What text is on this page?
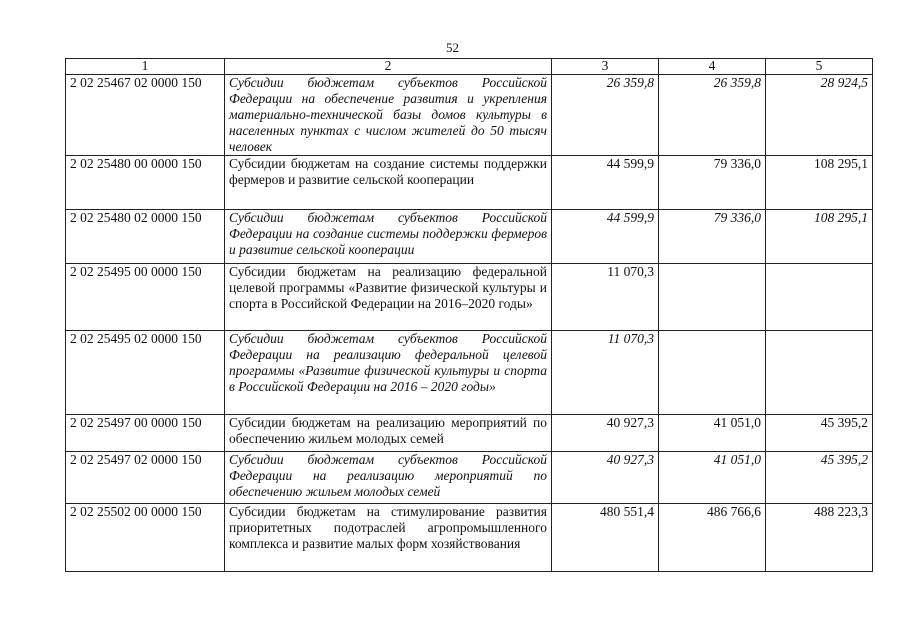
52
1	2	3	4	5
2 02 25467 02 0000 150	Субсидии бюджетам субъектов Российской Федерации на обеспечение развития и укрепления материально-технической базы домов культуры в населенных пунктах с числом жителей до 50 тысяч человек	26 359,8	26 359,8	28 924,5
2 02 25480 00 0000 150	Субсидии бюджетам на создание системы поддержки фермеров и развитие сельской кооперации	44 599,9	79 336,0	108 295,1
2 02 25480 02 0000 150	Субсидии бюджетам субъектов Российской Федерации на создание системы поддержки фермеров и развитие сельской кооперации	44 599,9	79 336,0	108 295,1
2 02 25495 00 0000 150	Субсидии бюджетам на реализацию федеральной целевой программы «Развитие физической культуры и спорта в Российской Федерации на 2016–2020 годы»	11 070,3		
2 02 25495 02 0000 150	Субсидии бюджетам субъектов Российской Федерации на реализацию федеральной целевой программы «Развитие физической культуры и спорта в Российской Федерации на 2016 – 2020 годы»	11 070,3		
2 02 25497 00 0000 150	Субсидии бюджетам на реализацию мероприятий по обеспечению жильем молодых семей	40 927,3	41 051,0	45 395,2
2 02 25497 02 0000 150	Субсидии бюджетам субъектов Российской Федерации на реализацию мероприятий по обеспечению жильем молодых семей	40 927,3	41 051,0	45 395,2
2 02 25502 00 0000 150	Субсидии бюджетам на стимулирование развития приоритетных подотраслей агропромышленного комплекса и развитие малых форм хозяйствования	480 551,4	486 766,6	488 223,3
